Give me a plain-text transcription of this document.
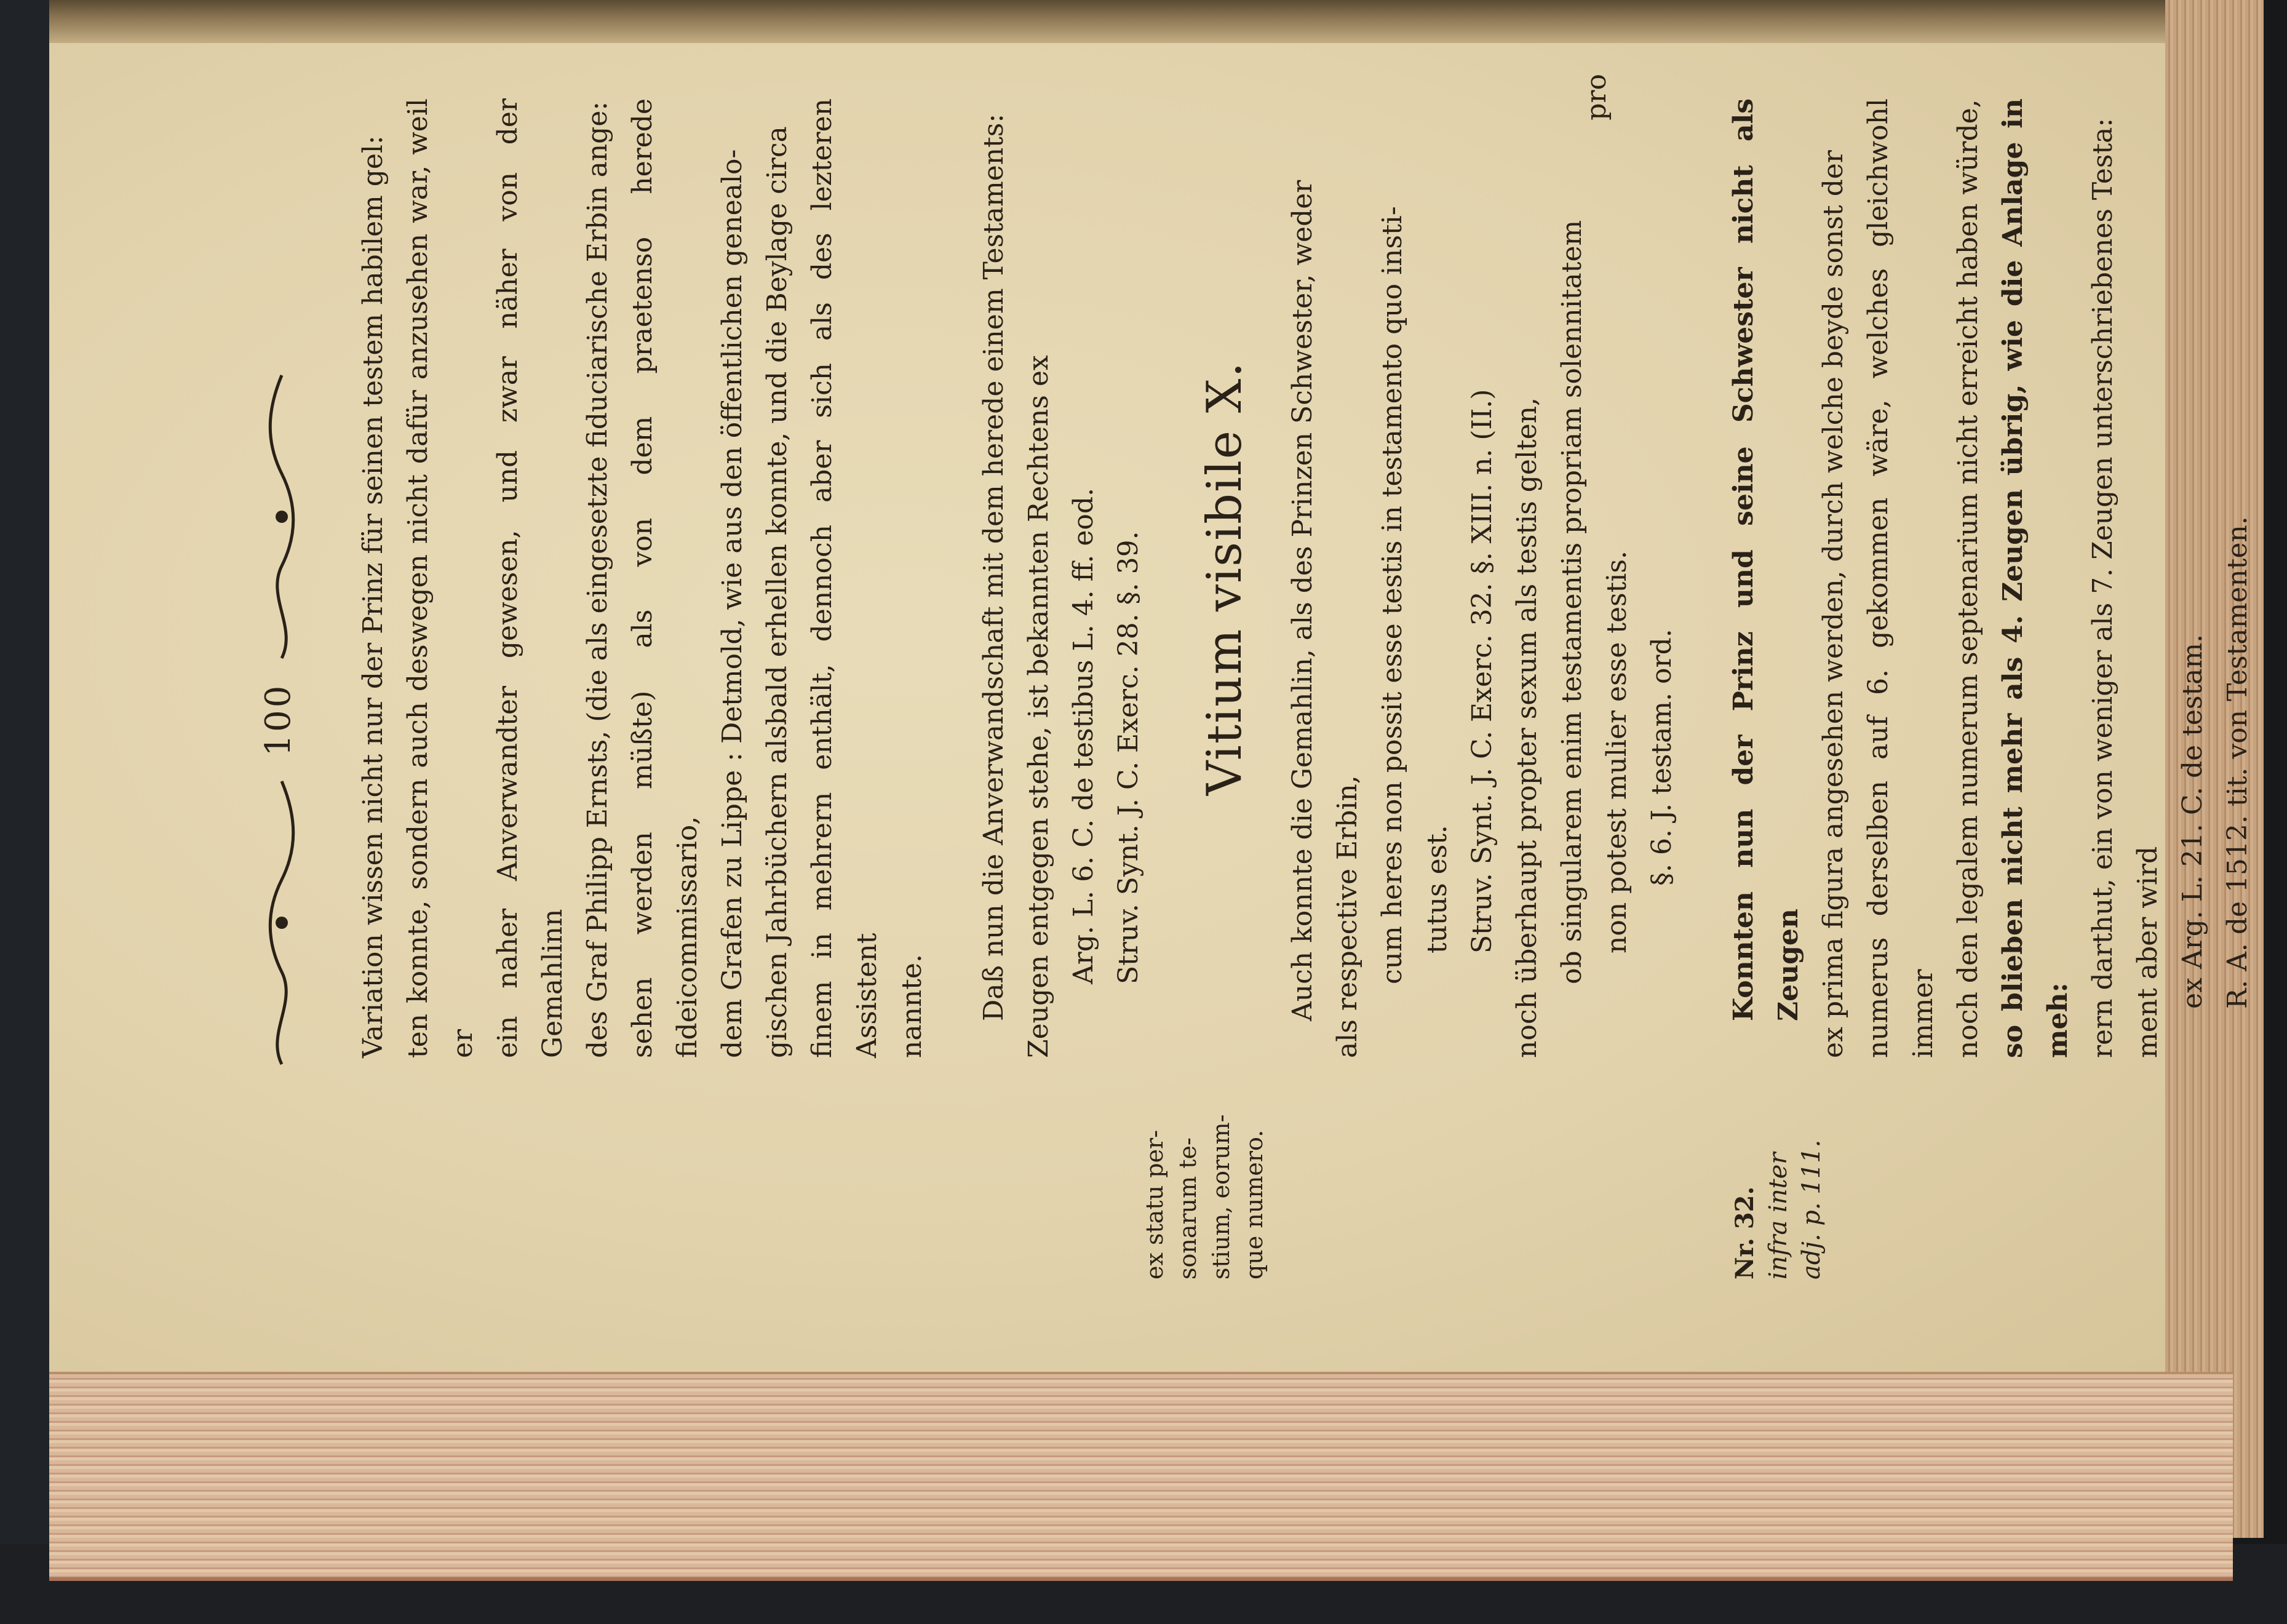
100
ex statu per- sonarum te- stium, eorum- que numero.	Nr. 32. infra inter adj. p. 111.

Variation wissen nicht nur der Prinz für seinen testem habilem gel: ten konnte, sondern auch deswegen nicht dafür anzusehen war, weil er ein naher Anverwandter gewesen, und zwar näher von der Gemahlinn des Graf Philipp Ernsts, (die als eingesetzte fiduciarische Erbin ange: sehen werden müßte) als von dem praetenso herede fideicommissario, dem Grafen zu Lippe : Detmold, wie aus den öffentlichen genealo- gischen Jahrbüchern alsbald erhellen konnte, und die Beylage circa finem in mehrern enthält, dennoch aber sich als des lezteren Assistent nannte. Daß nun die Anverwandschaft mit dem herede einem Testaments: Zeugen entgegen stehe, ist bekannten Rechtens ex Arg. L. 6. C. de testibus L. 4. ff. eod. Struv. Synt. J. C. Exerc. 28. §. 39. Vitium visibile X. Auch konnte die Gemahlin, als des Prinzen Schwester, weder als respective Erbin, cum heres non possit esse testis in testamento quo insti- tutus est. Struv. Synt. J. C. Exerc. 32. §. XIII. n. (II.) noch überhaupt propter sexum als testis gelten, ob singularem enim testamentis propriam solennitatem non potest mulier esse testis. §. 6. J. testam. ord. Konnten nun der Prinz und seine Schwester nicht als Zeugen ex prima figura angesehen werden, durch welche beyde sonst der numerus derselben auf 6. gekommen wäre, welches gleichwohl immer noch den legalem numerum septenarium nicht erreicht haben würde, so blieben nicht mehr als 4. Zeugen übrig, wie die Anlage in meh: rern darthut, ein von weniger als 7. Zeugen unterschriebenes Testa: ment aber wird ex Arg. L. 21. C. de testam. R. A. de 1512. tit. von Testamenten.

pro
